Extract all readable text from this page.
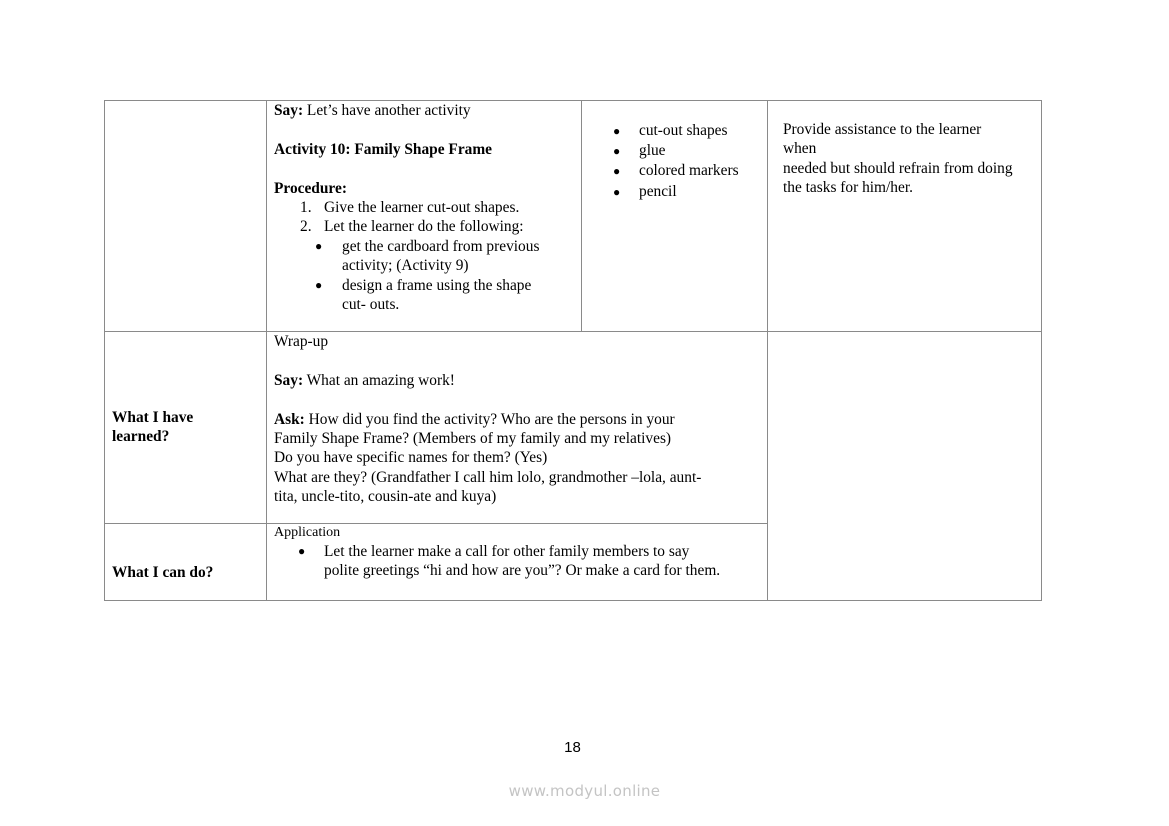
Say: Let’s have another activity
Activity 10: Family Shape Frame
Procedure:
1. Give the learner cut-out shapes.
2. Let the learner do the following:
● get the cardboard from previous
activity; (Activity 9)
● design a frame using the shape
cut- outs.
● cut-out shapes
● glue
● colored markers
● pencil
Provide assistance to the learner
when
needed but should refrain from doing
the tasks for him/her.
What I have
learned?
Wrap-up
Say: What an amazing work!
Ask: How did you find the activity? Who are the persons in your
Family Shape Frame? (Members of my family and my relatives)
Do you have specific names for them? (Yes)
What are they? (Grandfather I call him lolo, grandmother –lola, aunt-
tita, uncle-tito, cousin-ate and kuya)
What I can do?
Application
● Let the learner make a call for other family members to say
polite greetings “hi and how are you”? Or make a card for them.
18
www.modyul.online
